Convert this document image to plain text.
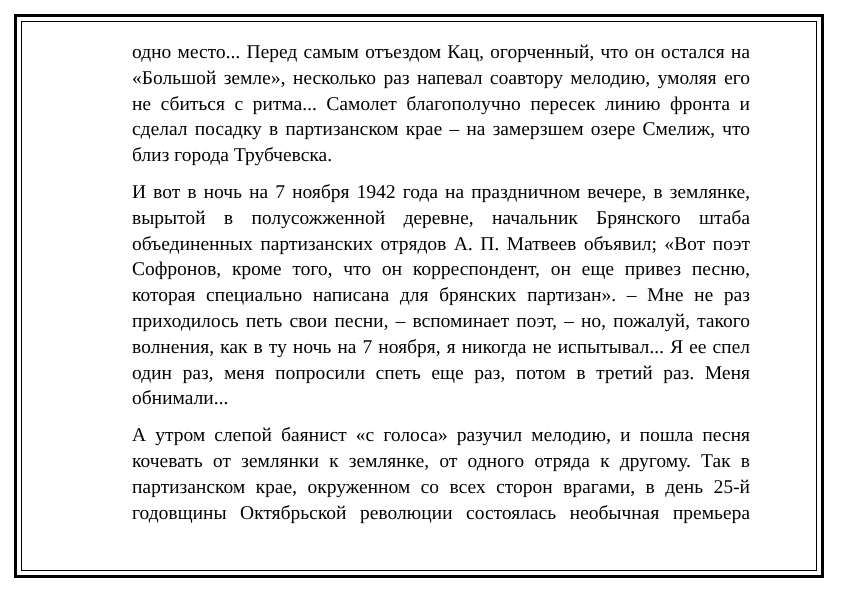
одно место... Перед самым отъездом Кац, огорченный, что он остался на «Большой земле», несколько раз напевал соавтору мелодию, умоляя его не сбиться с ритма... Самолет благополучно пересек линию фронта и сделал посадку в партизанском крае – на замерзшем озере Смелиж, что близ города Трубчевска.

И вот в ночь на 7 ноября 1942 года на праздничном вечере, в землянке, вырытой в полусожженной деревне, начальник Брянского штаба объединенных партизанских отрядов А. П. Матвеев объявил; «Вот поэт Софронов, кроме того, что он корреспондент, он еще привез песню, которая специально написана для брянских партизан». – Мне не раз приходилось петь свои песни, – вспоминает поэт, – но, пожалуй, такого волнения, как в ту ночь на 7 ноября, я никогда не испытывал... Я ее спел один раз, меня попросили спеть еще раз, потом в третий раз. Меня обнимали...

А утром слепой баянист «с голоса» разучил мелодию, и пошла песня кочевать от землянки к землянке, от одного отряда к другому. Так в партизанском крае, окруженном со всех сторон врагами, в день 25-й годовщины Октябрьской революции состоялась необычная премьера
